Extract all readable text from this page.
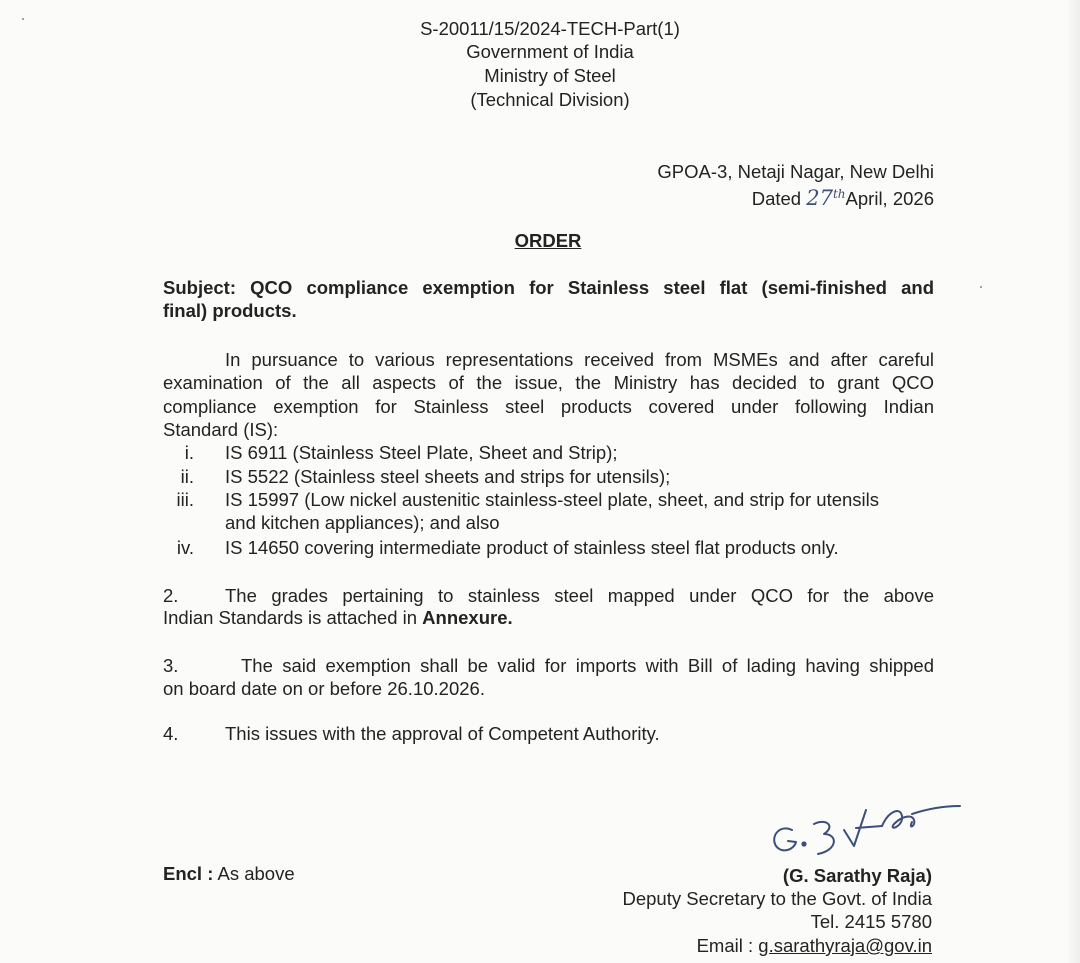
S-20011/15/2024-TECH-Part(1)
Government of India
Ministry of Steel
(Technical Division)
GPOA-3, Netaji Nagar, New Delhi
Dated 27thApril, 2026
ORDER
Subject: QCO compliance exemption for Stainless steel flat (semi-finished and
final) products.
In pursuance to various representations received from MSMEs and after careful
examination of the all aspects of the issue, the Ministry has decided to grant QCO
compliance exemption for Stainless steel products covered under following Indian
Standard (IS):
i. IS 6911 (Stainless Steel Plate, Sheet and Strip);
ii. IS 5522 (Stainless steel sheets and strips for utensils);
iii. IS 15997 (Low nickel austenitic stainless-steel plate, sheet, and strip for utensils
and kitchen appliances); and also
iv. IS 14650 covering intermediate product of stainless steel flat products only.
2.	The grades pertaining to stainless steel mapped under QCO for the above
Indian Standards is attached in Annexure.
3.	The said exemption shall be valid for imports with Bill of lading having shipped
on board date on or before 26.10.2026.
4.	This issues with the approval of Competent Authority.
Encl : As above	(G. Sarathy Raja)
Deputy Secretary to the Govt. of India
Tel. 2415 5780
Email : g.sarathyraja@gov.in
